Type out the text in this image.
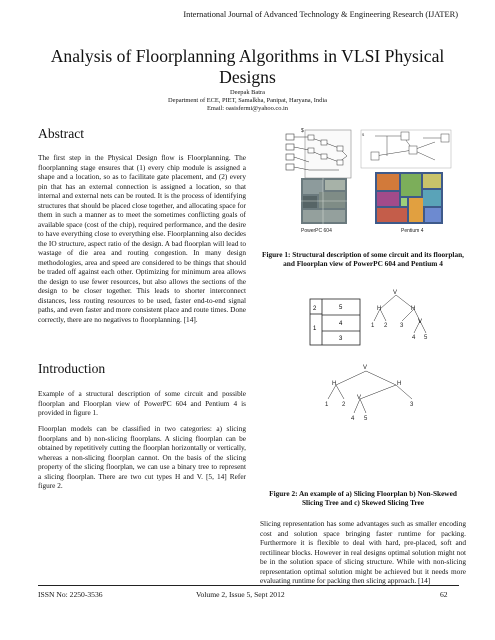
International Journal of Advanced Technology & Engineering Research (IJATER)
Analysis of Floorplanning Algorithms in VLSI Physical Designs
Deepak Batra
Department of ECE, PIET, Samalkha, Panipat, Haryana, India
Email: oasisfermi@yahoo.co.in
Abstract
The first step in the Physical Design flow is Floorplanning. The floorplanning stage ensures that (1) every chip module is assigned a shape and a location, so as to facilitate gate placement, and (2) every pin that has an external connection is assigned a location, so that internal and external nets can be routed. It is the process of identifying structures that should be placed close together, and allocating space for them in such a manner as to meet the sometimes conflicting goals of available space (cost of the chip), required performance, and the desire to have everything close to everything else. Floorplanning also decides the IO structure, aspect ratio of the design. A bad floorplan will lead to wastage of die area and routing congestion. In many design methodologies, area and speed are considered to be things that should be traded off against each other. Optimizing for minimum area allows the design to use fewer resources, but also allows the sections of the design to be closer together. This leads to shorter interconnect distances, less routing resources to be used, faster end-to-end signal paths, and even faster and more consistent place and route times. Done correctly, there are no negatives to floorplanning. [14].
Introduction
Example of a structural description of some circuit and possible floorplan and Floorplan view of PowerPC 604 and Pentium 4 is provided in figure 1.
Floorplan models can be classified in two categories: a) slicing floorplans and b) non-slicing floorplans. A slicing floorplan can be obtained by repetitively cutting the floorplan horizontally or vertically, whereas a non-slicing floorplan cannot. On the basis of the slicing property of the slicing floorplan, we can use a binary tree to represent a slicing floorplan. There are two cut types H and V. [5, 14] Refer figure 2.
$
s
PowerPC 604	Pentium 4
Figure 1: Structural description of some circuit and its floorplan, and Floorplan view of PowerPC 604 and Pentium 4
2
1
5
4
3
V
H	H
1 2 3
V
4 5
V
H	H
1 2	3
V
4 5
Figure 2: An example of a) Slicing Floorplan b) Non-Skewed Slicing Tree and c) Skewed Slicing Tree
Slicing representation has some advantages such as smaller encoding cost and solution space bringing faster runtime for packing. Furthermore it is flexible to deal with hard, pre-placed, soft and rectilinear blocks. However in real designs optimal solution might not be in the solution space of slicing structure. While with non-slicing representation optimal solution might be achieved but it needs more evaluating runtime for packing then slicing approach. [14]
ISSN No: 2250-3536	Volume 2, Issue 5, Sept 2012	62
